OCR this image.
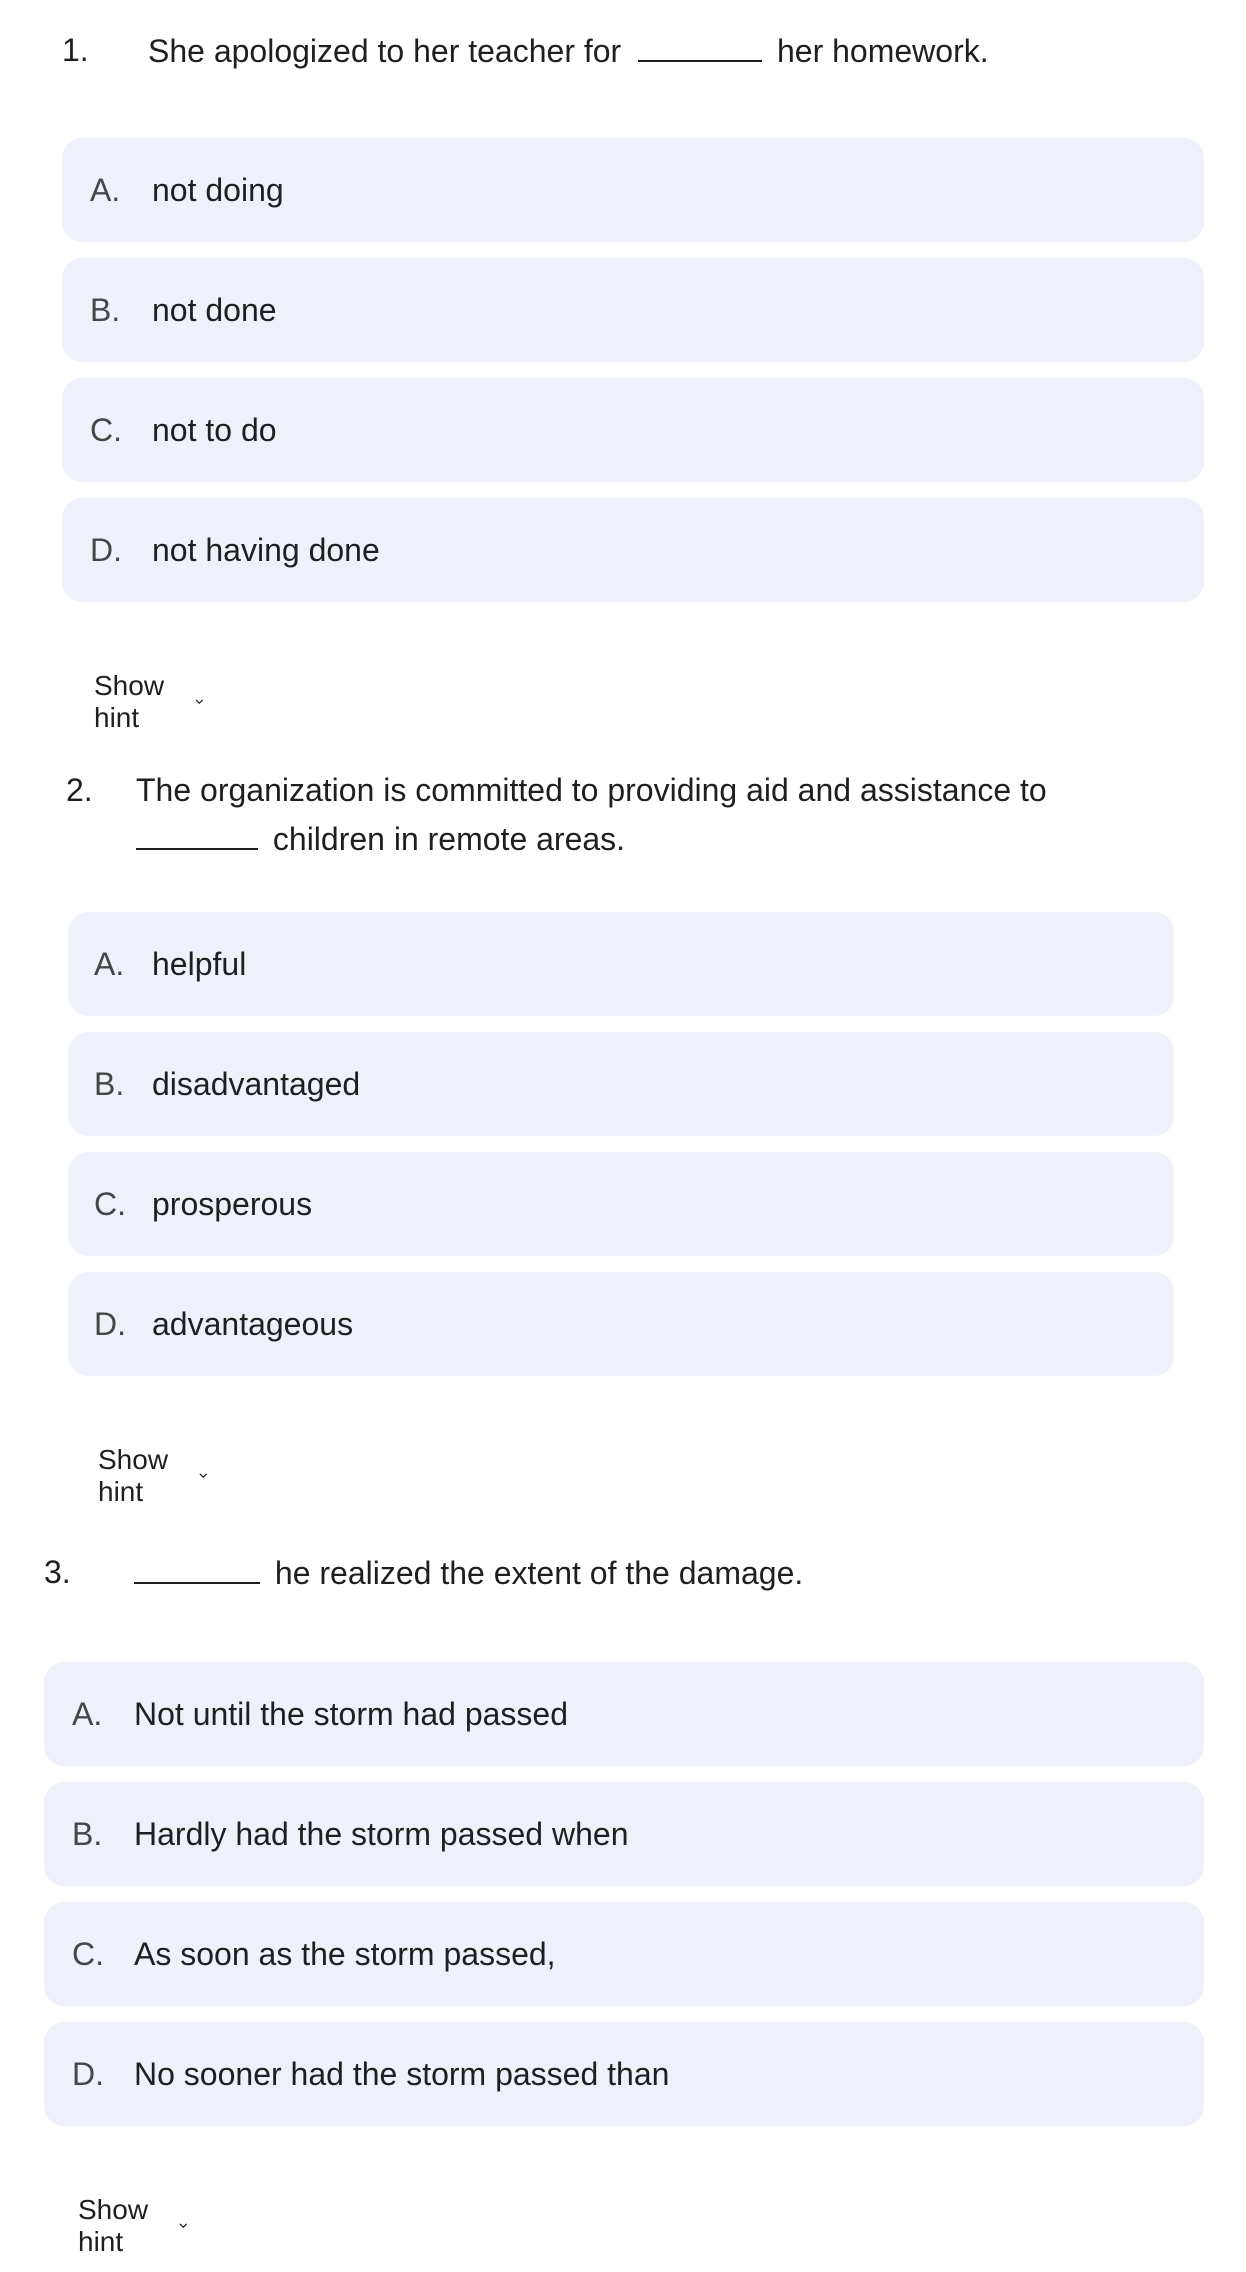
1.	She apologized to her teacher for	her homework.
A. not doing
B. not done
C. not to do
D. not having done
Show hint
2.	The organization is committed to providing aid and assistance to
children in remote areas.
A. helpful
B. disadvantaged
C. prosperous
D. advantageous
Show hint
3.	he realized the extent of the damage.
A. Not until the storm had passed
B. Hardly had the storm passed when
C. As soon as the storm passed,
D. No sooner had the storm passed than
Show hint
